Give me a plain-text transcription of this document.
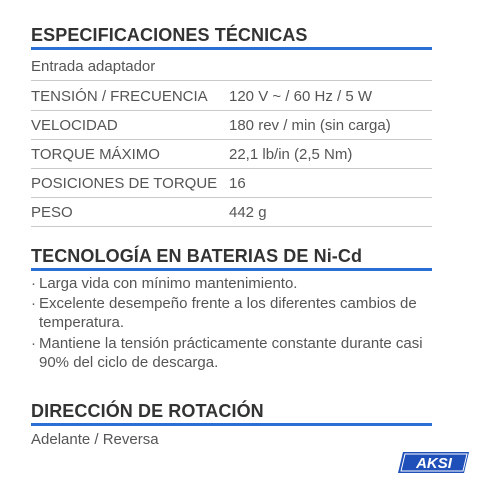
ESPECIFICACIONES TÉCNICAS
Entrada adaptador
TENSIÓN / FRECUENCIA 120 V ~ / 60 Hz / 5 W
VELOCIDAD	180 rev / min (sin carga)
TORQUE MÁXIMO	22,1 lb/in (2,5 Nm)
POSICIONES DE TORQUE 16
PESO	442 g
TECNOLOGÍA EN BATERIAS DE Ni-Cd
· Larga vida con mínimo mantenimiento.
· Excelente desempeño frente a los diferentes cambios de
temperatura.
· Mantiene la tensión prácticamente constante durante casi
90% del ciclo de descarga.
DIRECCIÓN DE ROTACIÓN
Adelante / Reversa
AKSI
